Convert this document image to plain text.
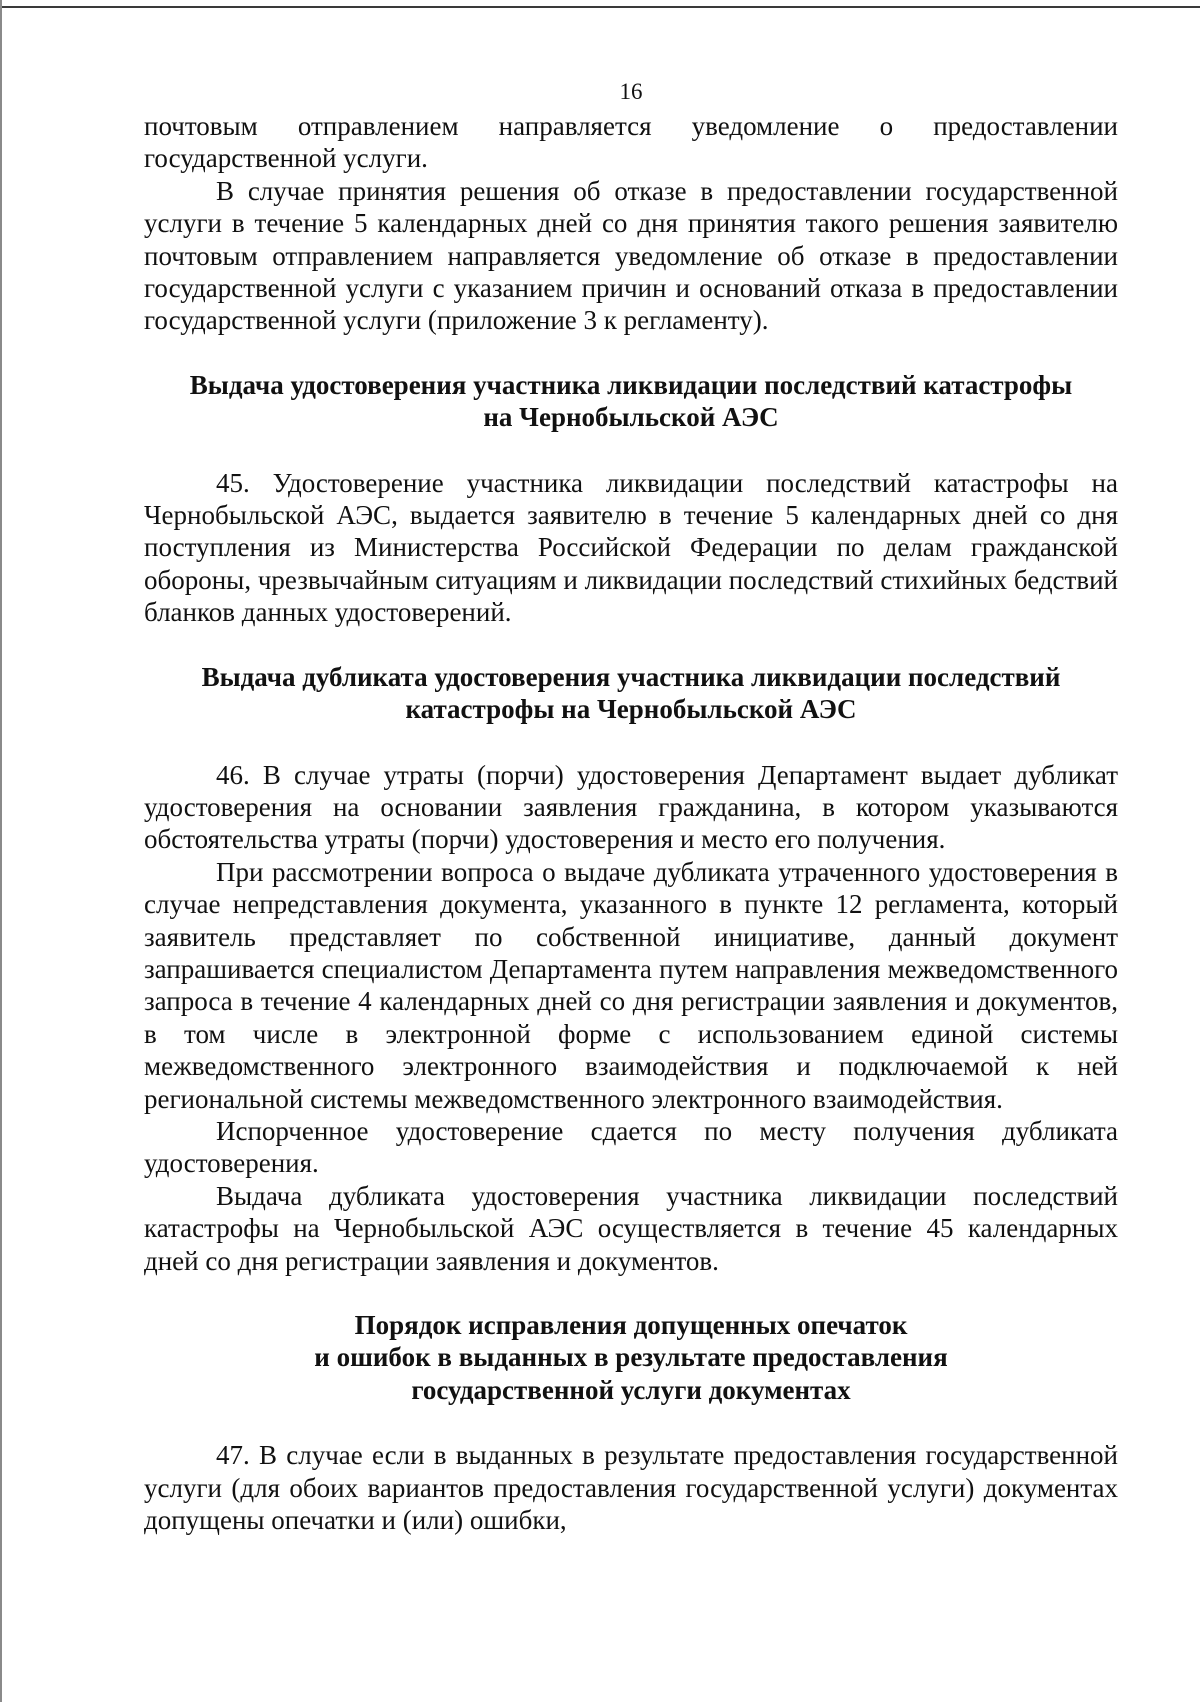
16

почтовым отправлением направляется уведомление о предоставлении государственной услуги.

В случае принятия решения об отказе в предоставлении государственной услуги в течение 5 календарных дней со дня принятия такого решения заявителю почтовым отправлением направляется уведомление об отказе в предоставлении государственной услуги с указанием причин и оснований отказа в предоставлении государственной услуги (приложение 3 к регламенту).

Выдача удостоверения участника ликвидации последствий катастрофы
на Чернобыльской АЭС

45. Удостоверение участника ликвидации последствий катастрофы на Чернобыльской АЭС, выдается заявителю в течение 5 календарных дней со дня поступления из Министерства Российской Федерации по делам гражданской обороны, чрезвычайным ситуациям и ликвидации последствий стихийных бедствий бланков данных удостоверений.

Выдача дубликата удостоверения участника ликвидации последствий
катастрофы на Чернобыльской АЭС

46. В случае утраты (порчи) удостоверения Департамент выдает дубликат удостоверения на основании заявления гражданина, в котором указываются обстоятельства утраты (порчи) удостоверения и место его получения.

При рассмотрении вопроса о выдаче дубликата утраченного удостоверения в случае непредставления документа, указанного в пункте 12 регламента, который заявитель представляет по собственной инициативе, данный документ запрашивается специалистом Департамента путем направления межведомственного запроса в течение 4 календарных дней со дня регистрации заявления и документов, в том числе в электронной форме с использованием единой системы межведомственного электронного взаимодействия и подключаемой к ней региональной системы межведомственного электронного взаимодействия.

Испорченное удостоверение сдается по месту получения дубликата удостоверения.

Выдача дубликата удостоверения участника ликвидации последствий катастрофы на Чернобыльской АЭС осуществляется в течение 45 календарных дней со дня регистрации заявления и документов.

Порядок исправления допущенных опечаток
и ошибок в выданных в результате предоставления
государственной услуги документах

47. В случае если в выданных в результате предоставления государственной услуги (для обоих вариантов предоставления государственной услуги) документах допущены опечатки и (или) ошибки,
